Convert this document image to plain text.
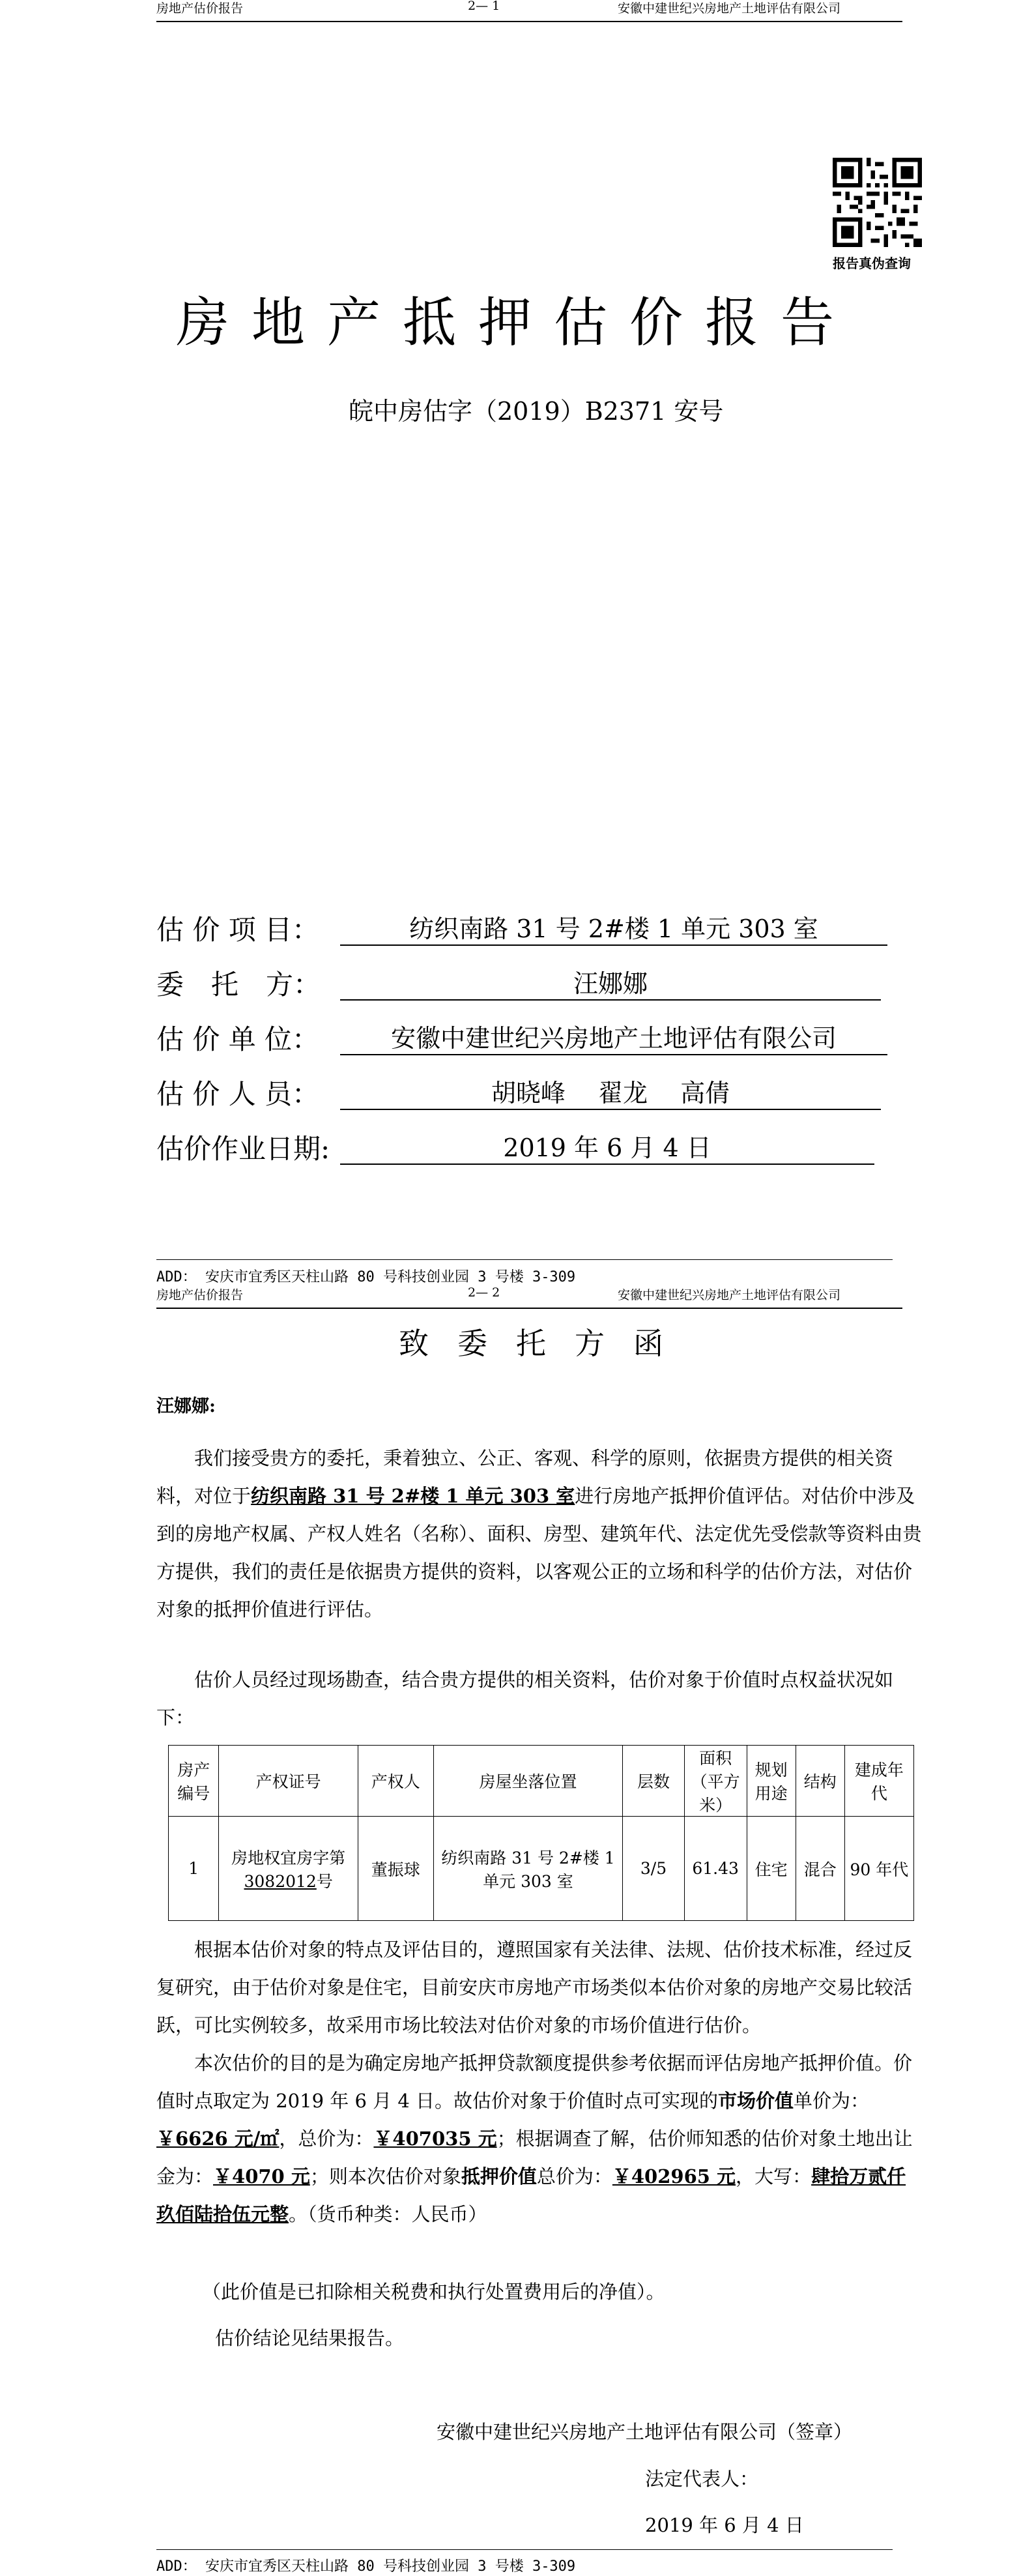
房地产估价报告	2— 1	安徽中建世纪兴房地产土地评估有限公司
报告真伪查询
房地产抵押估价报告
皖中房估字（2019）B2371 安号
估 价 项 目：	纺织南路 31 号 2#楼 1 单元 303 室
委　托　方：	汪娜娜
估 价 单 位：	安徽中建世纪兴房地产土地评估有限公司
估 价 人 员：	胡晓峰　 翟龙　 高倩
估价作业日期:	2019 年 6 月 4 日
ADD： 安庆市宜秀区天柱山路 80 号科技创业园 3 号楼 3-309
房地产估价报告	2— 2	安徽中建世纪兴房地产土地评估有限公司
致委托方函
汪娜娜:
我们接受贵方的委托，秉着独立、公正、客观、科学的原则，依据贵方提供的相关资料，对位于纺织南路 31 号 2#楼 1 单元 303 室进行房地产抵押价值评估。对估价中涉及到的房地产权属、产权人姓名（名称）、面积、房型、建筑年代、法定优先受偿款等资料由贵方提供，我们的责任是依据贵方提供的资料，以客观公正的立场和科学的估价方法，对估价对象的抵押价值进行评估。
估价人员经过现场勘查，结合贵方提供的相关资料，估价对象于价值时点权益状况如下：
房产编号	产权证号	产权人	房屋坐落位置	层数	面积（平方米）	规划用途	结构	建成年代
1	房地权宜房字第3082012号	董振球	纺织南路 31 号 2#楼 1 单元 303 室	3/5	61.43	住宅	混合	90 年代
根据本估价对象的特点及评估目的，遵照国家有关法律、法规、估价技术标准，经过反复研究，由于估价对象是住宅，目前安庆市房地产市场类似本估价对象的房地产交易比较活跃，可比实例较多，故采用市场比较法对估价对象的市场价值进行估价。
本次估价的目的是为确定房地产抵押贷款额度提供参考依据而评估房地产抵押价值。价值时点取定为 2019 年 6 月 4 日。故估价对象于价值时点可实现的市场价值单价为：￥6626 元/㎡，总价为：￥407035 元；根据调查了解，估价师知悉的估价对象土地出让金为：￥4070 元；则本次估价对象抵押价值总价为：￥402965 元，大写：肆拾万贰仟玖佰陆拾伍元整。（货币种类：人民币）
（此价值是已扣除相关税费和执行处置费用后的净值）。
估价结论见结果报告。
安徽中建世纪兴房地产土地评估有限公司（签章）
法定代表人：
2019 年 6 月 4 日
ADD： 安庆市宜秀区天柱山路 80 号科技创业园 3 号楼 3-309
